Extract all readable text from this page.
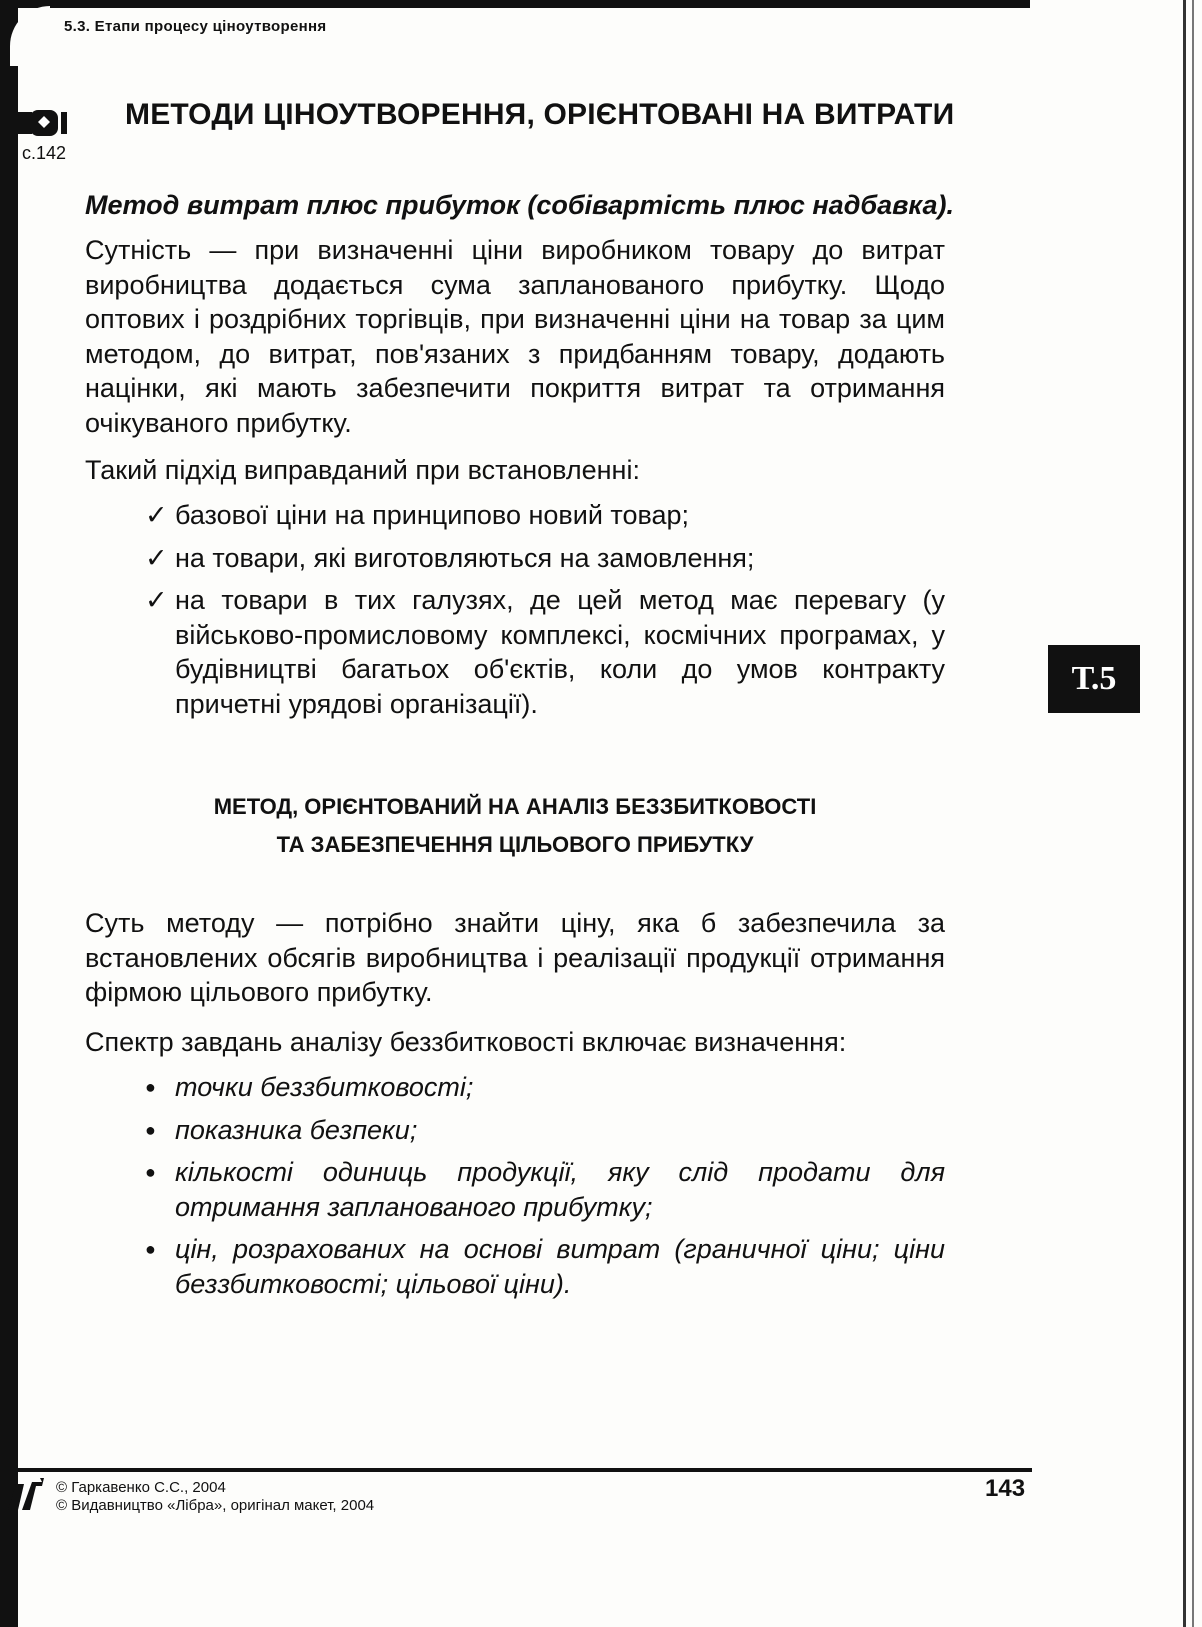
5.3. Етапи процесу ціноутворення
с.142
МЕТОДИ ЦІНОУТВОРЕННЯ, ОРІЄНТОВАНІ НА ВИТРАТИ
Метод витрат плюс прибуток (собівартість плюс надбавка).
Сутність — при визначенні ціни виробником товару до витрат виробництва додається сума запланованого прибутку. Щодо оптових і роздрібних торгівців, при визначенні ціни на товар за цим методом, до витрат, пов'язаних з придбанням товару, додають націнки, які мають забезпечити покриття витрат та отримання очікуваного прибутку.
Такий підхід виправданий при встановленні:
✓ базової ціни на принципово новий товар;
✓ на товари, які виготовляються на замовлення;
✓ на товари в тих галузях, де цей метод має перевагу (у військово-промисловому комплексі, космічних програмах, у будівництві багатьох об'єктів, коли до умов контракту причетні урядові організації).
МЕТОД, ОРІЄНТОВАНИЙ НА АНАЛІЗ БЕЗЗБИТКОВОСТІ
ТА ЗАБЕЗПЕЧЕННЯ ЦІЛЬОВОГО ПРИБУТКУ
Суть методу — потрібно знайти ціну, яка б забезпечила за встановлених обсягів виробництва і реалізації продукції отримання фірмою цільового прибутку.
Спектр завдань аналізу беззбитковості включає визначення:
● точки беззбитковості;
● показника безпеки;
● кількості одиниць продукції, яку слід продати для отримання запланованого прибутку;
● цін, розрахованих на основі витрат (граничної ціни; ціни беззбитковості; цільової ціни).
Т.5
© Гаркавенко С.С., 2004
© Видавництво «Лібра», оригінал макет, 2004
143
